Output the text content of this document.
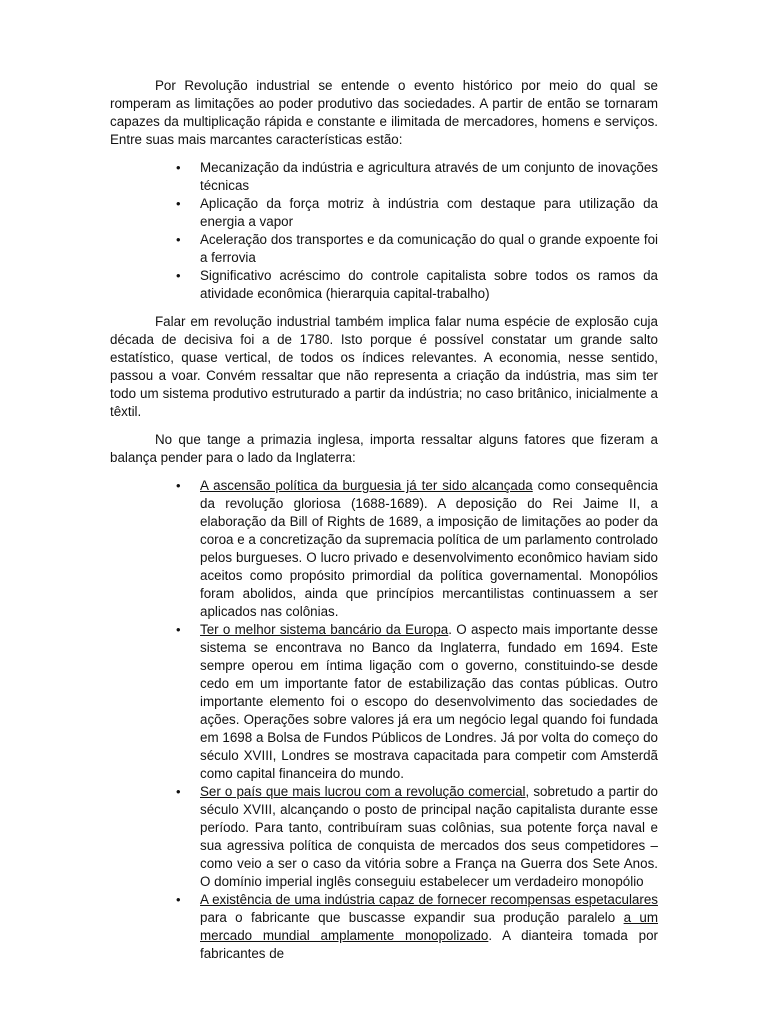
Por Revolução industrial se entende o evento histórico por meio do qual se romperam as limitações ao poder produtivo das sociedades. A partir de então se tornaram capazes da multiplicação rápida e constante e ilimitada de mercadores, homens e serviços. Entre suas mais marcantes características estão:

• Mecanização da indústria e agricultura através de um conjunto de inovações técnicas
• Aplicação da força motriz à indústria com destaque para utilização da energia a vapor
• Aceleração dos transportes e da comunicação do qual o grande expoente foi a ferrovia
• Significativo acréscimo do controle capitalista sobre todos os ramos da atividade econômica (hierarquia capital-trabalho)

Falar em revolução industrial também implica falar numa espécie de explosão cuja década de decisiva foi a de 1780. Isto porque é possível constatar um grande salto estatístico, quase vertical, de todos os índices relevantes. A economia, nesse sentido, passou a voar. Convém ressaltar que não representa a criação da indústria, mas sim ter todo um sistema produtivo estruturado a partir da indústria; no caso britânico, inicialmente a têxtil.

No que tange a primazia inglesa, importa ressaltar alguns fatores que fizeram a balança pender para o lado da Inglaterra:

• A ascensão política da burguesia já ter sido alcançada como consequência da revolução gloriosa (1688-1689). A deposição do Rei Jaime II, a elaboração da Bill of Rights de 1689, a imposição de limitações ao poder da coroa e a concretização da supremacia política de um parlamento controlado pelos burgueses. O lucro privado e desenvolvimento econômico haviam sido aceitos como propósito primordial da política governamental. Monopólios foram abolidos, ainda que princípios mercantilistas continuassem a ser aplicados nas colônias.
• Ter o melhor sistema bancário da Europa. O aspecto mais importante desse sistema se encontrava no Banco da Inglaterra, fundado em 1694. Este sempre operou em íntima ligação com o governo, constituindo-se desde cedo em um importante fator de estabilização das contas públicas. Outro importante elemento foi o escopo do desenvolvimento das sociedades de ações. Operações sobre valores já era um negócio legal quando foi fundada em 1698 a Bolsa de Fundos Públicos de Londres. Já por volta do começo do século XVIII, Londres se mostrava capacitada para competir com Amsterdã como capital financeira do mundo.
• Ser o país que mais lucrou com a revolução comercial, sobretudo a partir do século XVIII, alcançando o posto de principal nação capitalista durante esse período. Para tanto, contribuíram suas colônias, sua potente força naval e sua agressiva política de conquista de mercados dos seus competidores – como veio a ser o caso da vitória sobre a França na Guerra dos Sete Anos. O domínio imperial inglês conseguiu estabelecer um verdadeiro monopólio
• A existência de uma indústria capaz de fornecer recompensas espetaculares para o fabricante que buscasse expandir sua produção paralelo a um mercado mundial amplamente monopolizado. A dianteira tomada por fabricantes de
